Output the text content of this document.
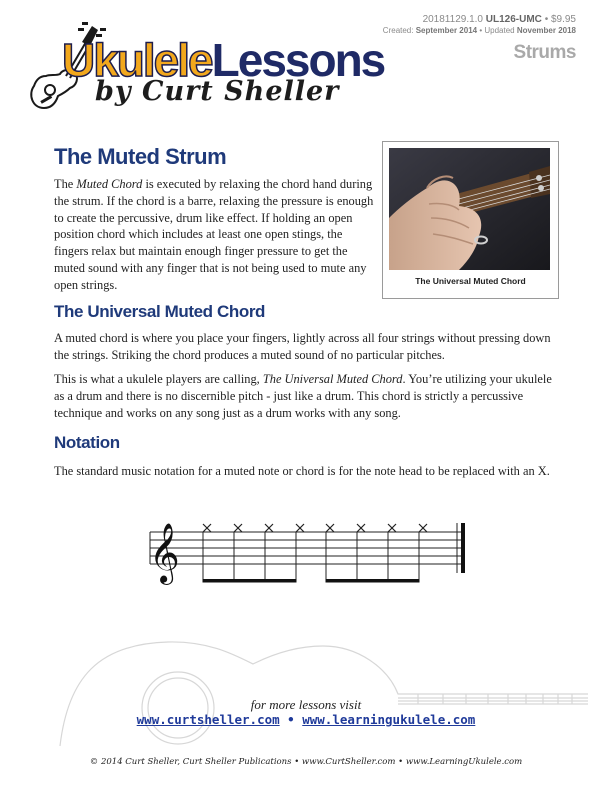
20181129.1.0 UL126-UMC • $9.95
Created: September 2014 • Updated November 2018
Strums
UkuleleLessons
by Curt Sheller
The Muted Strum

The Muted Chord is executed by relaxing the chord hand during the strum. If the chord is a barre, relaxing the pressure is enough to create the percussive, drum like effect. If holding an open position chord which includes at least one open stings, the fingers relax but maintain enough finger pressure to get the muted sound with any finger that is not being used to mute any open strings.	The Universal Muted Chord
The Universal Muted Chord

A muted chord is where you place your fingers, lightly across all four strings without pressing down the strings. Striking the chord produces a muted sound of no particular pitches.

This is what a ukulele players are calling, The Universal Muted Chord. You’re utilizing your ukulele as a drum and there is no discernible pitch - just like a drum. This chord is strictly a percussive technique and works on any song just as a drum works with any song.

Notation

The standard music notation for a muted note or chord is for the note head to be replaced with an X.

𝄞
for more lessons visit
www.curtsheller.com • www.learningukulele.com
© 2014 Curt Sheller, Curt Sheller Publications • www.CurtSheller.com • www.LearningUkulele.com
